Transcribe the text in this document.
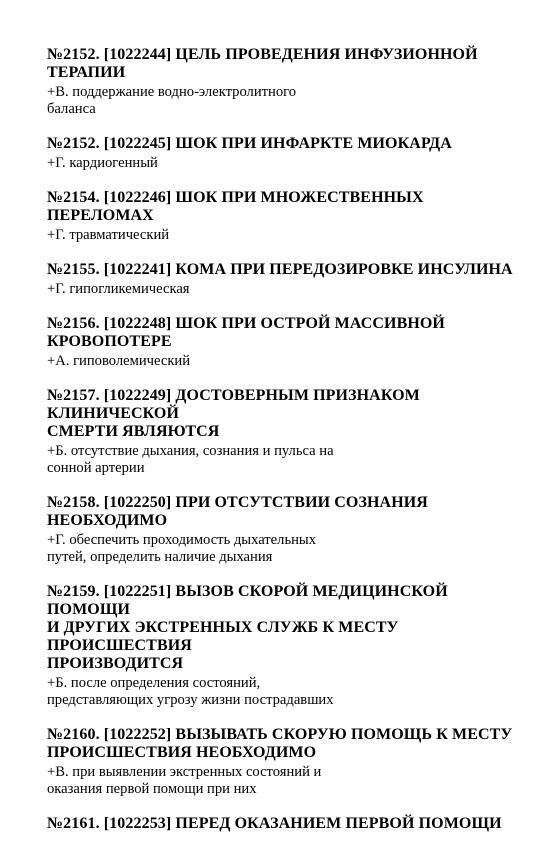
№2152. [1022244] ЦЕЛЬ ПРОВЕДЕНИЯ ИНФУЗИОННОЙ
ТЕРАПИИ
+В. поддержание водно-электролитного
баланса
№2152. [1022245] ШОК ПРИ ИНФАРКТЕ МИОКАРДА
+Г. кардиогенный
№2154. [1022246] ШОК ПРИ МНОЖЕСТВЕННЫХ ПЕРЕЛОМАХ
+Г. травматический
№2155. [1022241] КОМА ПРИ ПЕРЕДОЗИРОВКЕ ИНСУЛИНА
+Г. гипогликемическая
№2156. [1022248] ШОК ПРИ ОСТРОЙ МАССИВНОЙ
КРОВОПОТЕРЕ
+А. гиповолемический
№2157. [1022249] ДОСТОВЕРНЫМ ПРИЗНАКОМ КЛИНИЧЕСКОЙ
СМЕРТИ ЯВЛЯЮТСЯ
+Б. отсутствие дыхания, сознания и пульса на
сонной артерии
№2158. [1022250] ПРИ ОТСУТСТВИИ СОЗНАНИЯ НЕОБХОДИМО
+Г. обеспечить проходимость дыхательных
путей, определить наличие дыхания
№2159. [1022251] ВЫЗОВ СКОРОЙ МЕДИЦИНСКОЙ ПОМОЩИ
И ДРУГИХ ЭКСТРЕННЫХ СЛУЖБ К МЕСТУ ПРОИСШЕСТВИЯ
ПРОИЗВОДИТСЯ
+Б. после определения состояний,
представляющих угрозу жизни пострадавших
№2160. [1022252] ВЫЗЫВАТЬ СКОРУЮ ПОМОЩЬ К МЕСТУ
ПРОИСШЕСТВИЯ НЕОБХОДИМО
+В. при выявлении экстренных состояний и
оказания первой помощи при них
№2161. [1022253] ПЕРЕД ОКАЗАНИЕМ ПЕРВОЙ ПОМОЩИ
